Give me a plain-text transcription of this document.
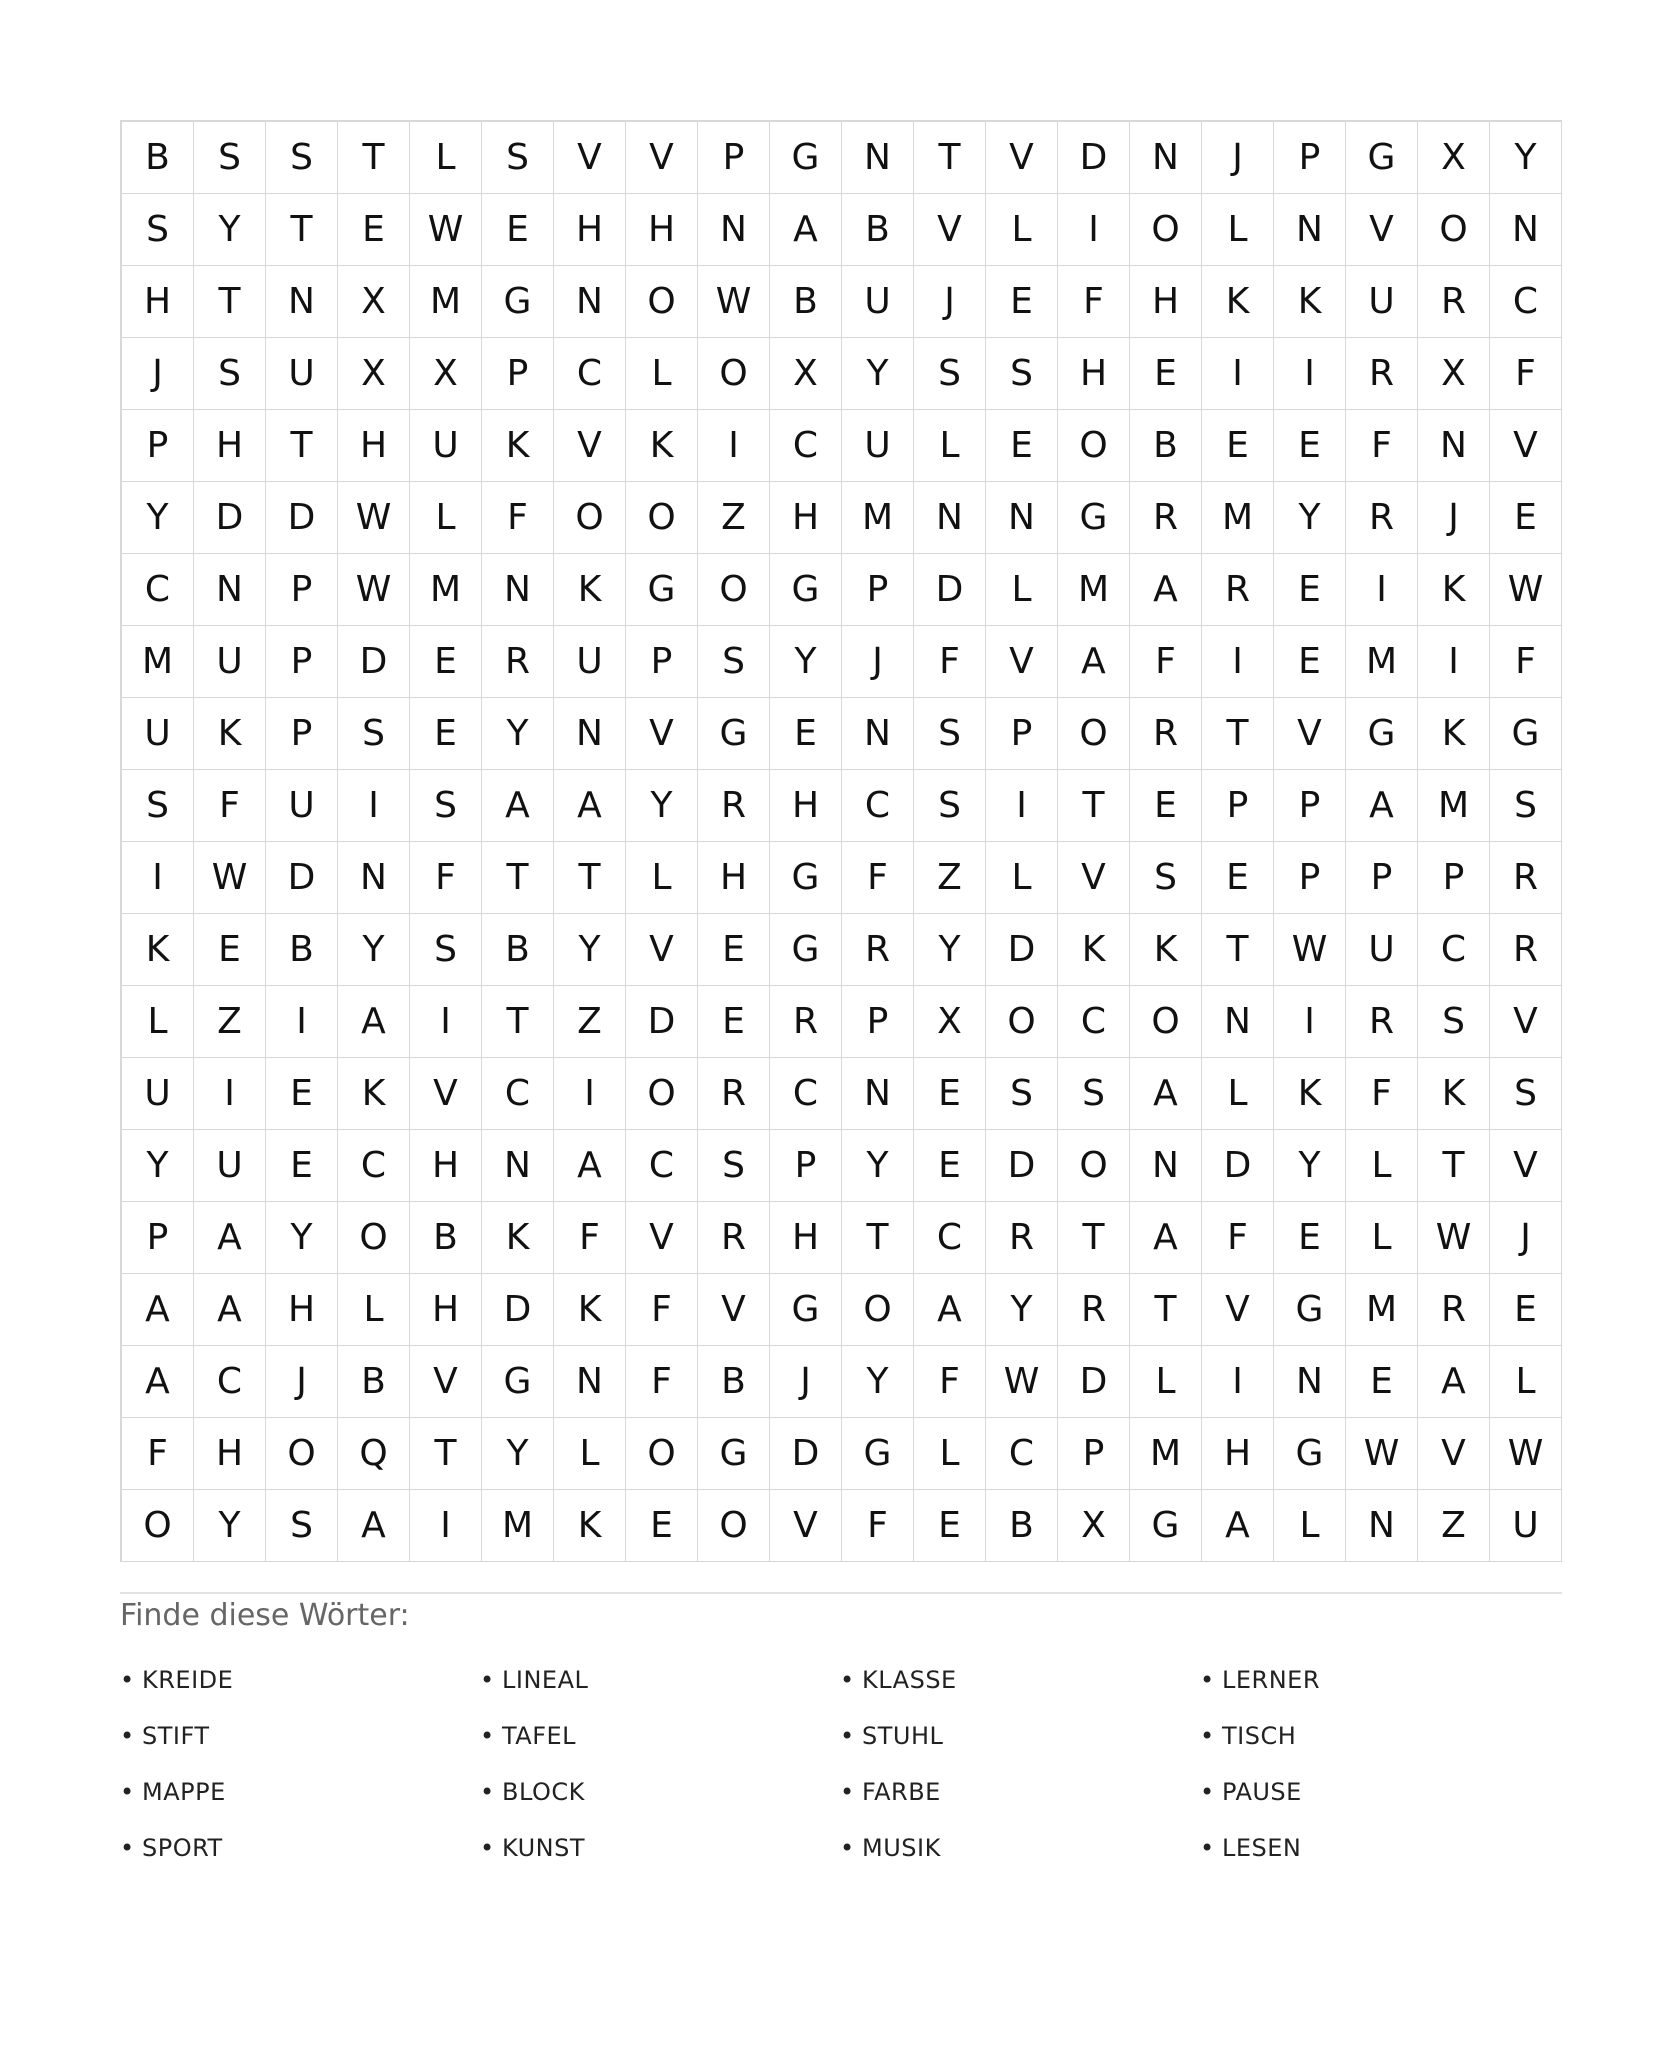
B	S	S	T	L	S	V	V	P	G	N	T	V	D	N	J	P	G	X	Y
S	Y	T	E	W	E	H	H	N	A	B	V	L	I	O	L	N	V	O	N
H	T	N	X	M	G	N	O	W	B	U	J	E	F	H	K	K	U	R	C
J	S	U	X	X	P	C	L	O	X	Y	S	S	H	E	I	I	R	X	F
P	H	T	H	U	K	V	K	I	C	U	L	E	O	B	E	E	F	N	V
Y	D	D	W	L	F	O	O	Z	H	M	N	N	G	R	M	Y	R	J	E
C	N	P	W	M	N	K	G	O	G	P	D	L	M	A	R	E	I	K	W
M	U	P	D	E	R	U	P	S	Y	J	F	V	A	F	I	E	M	I	F
U	K	P	S	E	Y	N	V	G	E	N	S	P	O	R	T	V	G	K	G
S	F	U	I	S	A	A	Y	R	H	C	S	I	T	E	P	P	A	M	S
I	W	D	N	F	T	T	L	H	G	F	Z	L	V	S	E	P	P	P	R
K	E	B	Y	S	B	Y	V	E	G	R	Y	D	K	K	T	W	U	C	R
L	Z	I	A	I	T	Z	D	E	R	P	X	O	C	O	N	I	R	S	V
U	I	E	K	V	C	I	O	R	C	N	E	S	S	A	L	K	F	K	S
Y	U	E	C	H	N	A	C	S	P	Y	E	D	O	N	D	Y	L	T	V
P	A	Y	O	B	K	F	V	R	H	T	C	R	T	A	F	E	L	W	J
A	A	H	L	H	D	K	F	V	G	O	A	Y	R	T	V	G	M	R	E
A	C	J	B	V	G	N	F	B	J	Y	F	W	D	L	I	N	E	A	L
F	H	O	Q	T	Y	L	O	G	D	G	L	C	P	M	H	G	W	V	W
O	Y	S	A	I	M	K	E	O	V	F	E	B	X	G	A	L	N	Z	U

Finde diese Wörter:

• KREIDE	• LINEAL	• KLASSE	• LERNER
• STIFT	• TAFEL	• STUHL	• TISCH
• MAPPE	• BLOCK	• FARBE	• PAUSE
• SPORT	• KUNST	• MUSIK	• LESEN
